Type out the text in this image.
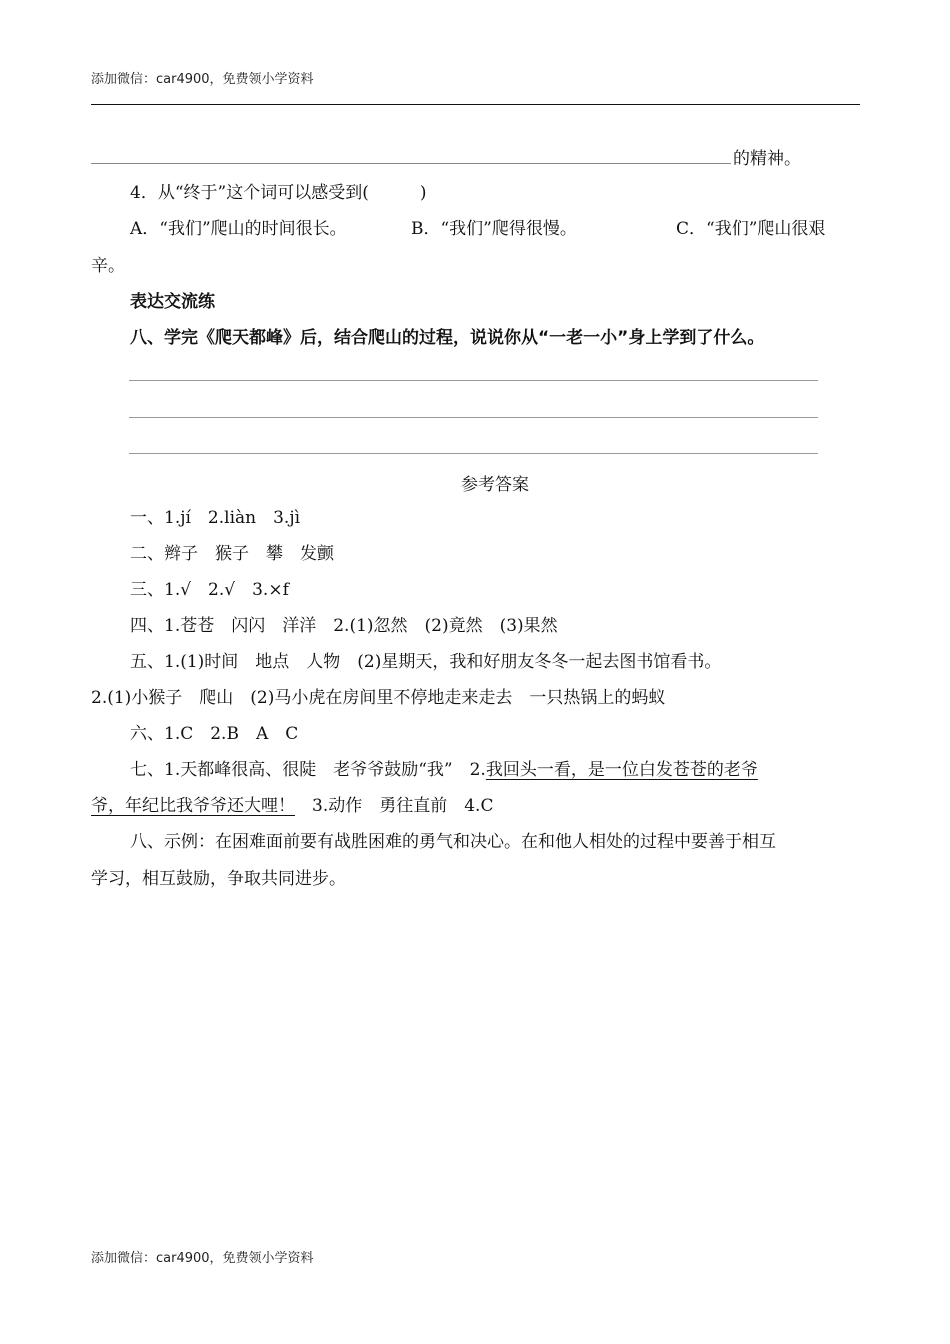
添加微信：car4900，免费领小学资料
的精神。
4．从“终于”这个词可以感受到(　　　)
A．“我们”爬山的时间很长。	B．“我们”爬得很慢。	C．“我们”爬山很艰
辛。
表达交流练
八、学完《爬天都峰》后，结合爬山的过程，说说你从“一老一小”身上学到了什么。
参考答案
一、1.jí　2.liàn　3.jì
二、辫子　猴子　攀　发颤
三、1.√　2.√　3.×f
四、1.苍苍　闪闪　洋洋　2.(1)忽然　(2)竟然　(3)果然
五、1.(1)时间　地点　人物　(2)星期天，我和好朋友冬冬一起去图书馆看书。
2.(1)小猴子　爬山　(2)马小虎在房间里不停地走来走去　一只热锅上的蚂蚁
六、1.C　2.B　A　C
七、1.天都峰很高、很陡　老爷爷鼓励“我”　2.我回头一看，是一位白发苍苍的老爷
爷，年纪比我爷爷还大哩！　3.动作　勇往直前　4.C
八、示例：在困难面前要有战胜困难的勇气和决心。在和他人相处的过程中要善于相互
学习，相互鼓励，争取共同进步。
添加微信：car4900，免费领小学资料
